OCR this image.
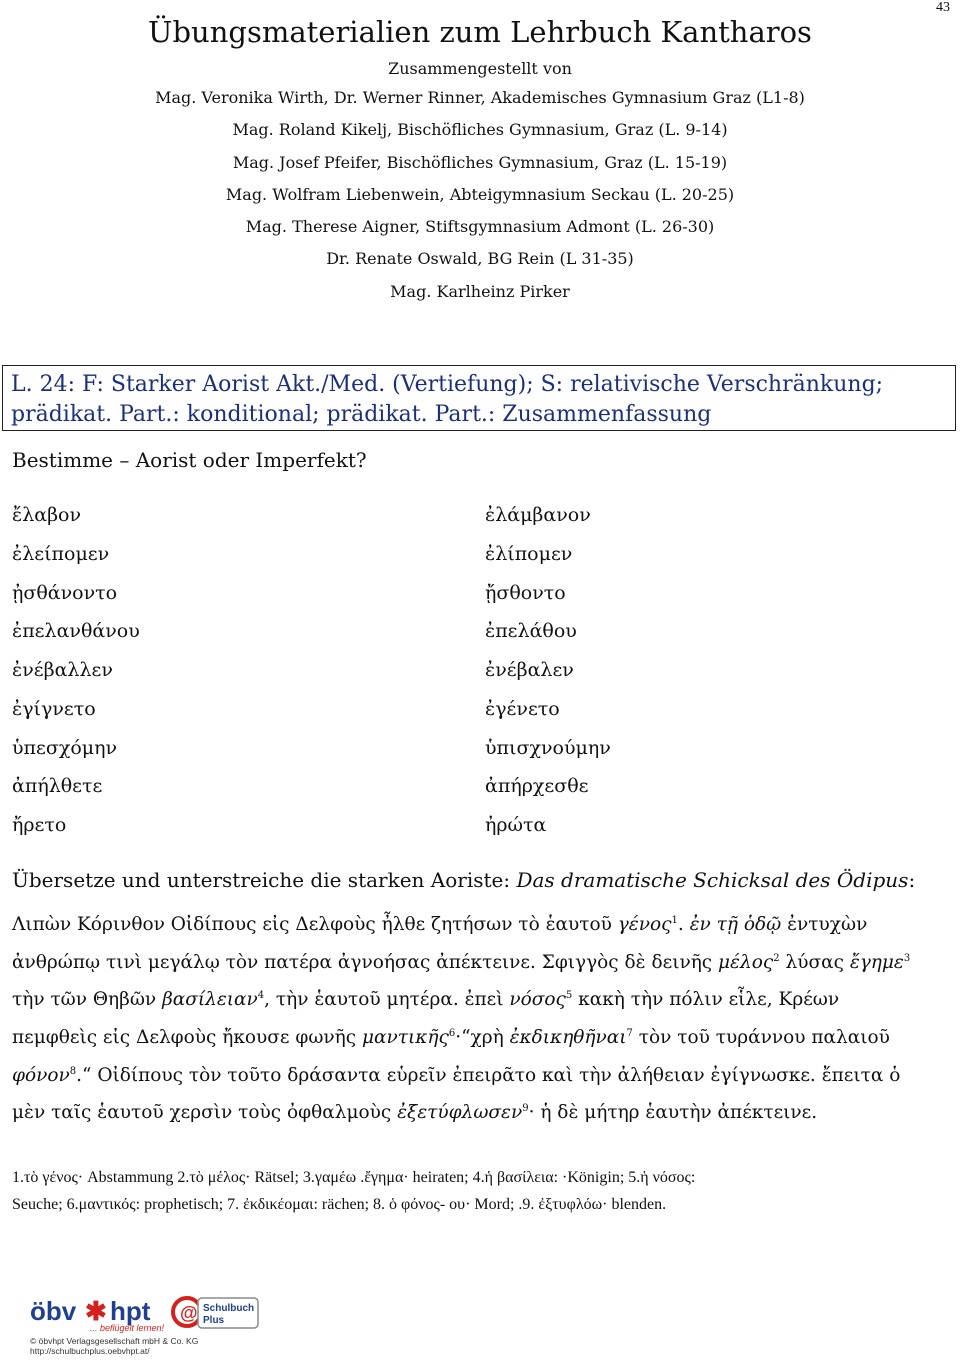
43
Übungsmaterialien zum Lehrbuch Kantharos
Zusammengestellt von
Mag. Veronika Wirth, Dr. Werner Rinner, Akademisches Gymnasium Graz (L1-8)
Mag. Roland Kikelj, Bischöfliches Gymnasium, Graz (L. 9-14)
Mag. Josef Pfeifer, Bischöfliches Gymnasium, Graz (L. 15-19)
Mag. Wolfram Liebenwein, Abteigymnasium Seckau (L. 20-25)
Mag. Therese Aigner, Stiftsgymnasium Admont (L. 26-30)
Dr. Renate Oswald, BG Rein (L 31-35)
Mag. Karlheinz Pirker
L. 24: F: Starker Aorist Akt./Med. (Vertiefung); S: relativische Verschränkung;
prädikat. Part.: konditional; prädikat. Part.: Zusammenfassung
Bestimme – Aorist oder Imperfekt?
ἔλαβον
ἐλείπομεν
ᾐσθάνοντο
ἐπελανθάνου
ἐνέβαλλεν
ἐγίγνετο
ὑπεσχόμην
ἀπήλθετε
ἤρετο
ἐλάμβανον
ἐλίπομεν
ᾔσθοντο
ἐπελάθου
ἐνέβαλεν
ἐγένετο
ὑπισχνούμην
ἀπήρχεσθε
ἠρώτα
Übersetze und unterstreiche die starken Aoriste: Das dramatische Schicksal des Ödipus:
Λιπὼν Κόρινθον Οἰδίπους εἰς Δελφοὺς ἦλθε ζητήσων τὸ ἑαυτοῦ γένος$^1$. ἐν τῇ ὁδῷ ἐντυχὼν
ἀνθρώπῳ τινὶ μεγάλῳ τὸν πατέρα ἀγνοήσας ἀπέκτεινε. Σφιγγὸς δὲ δεινῆς μέλος$^2$ λύσας ἔγημε$^3$
τὴν τῶν Θηβῶν βασίλειαν$^4$, τὴν ἑαυτοῦ μητέρα. ἐπεὶ νόσος$^5$ κακὴ τὴν πόλιν εἷλε, Κρέων
πεμφθεὶς εἰς Δελφοὺς ἤκουσε φωνῆς μαντικῆς$^6$·“χρὴ ἐκδικηθῆναι$^7$ τὸν τοῦ τυράννου παλαιοῦ
φόνον$^8$.“ Οἰδίπους τὸν τοῦτο δράσαντα εὑρεῖν ἐπειρᾶτο καὶ τὴν ἀλήθειαν ἐγίγνωσκε. ἔπειτα ὁ
μὲν ταῖς ἑαυτοῦ χερσὶν τοὺς ὀφθαλμοὺς ἐξετύφλωσεν$^9$· ἡ δὲ μήτηρ ἑαυτὴν ἀπέκτεινε.
1.τὸ γένος· Abstammung 2.τὸ μέλος· Rätsel; 3.γαμέω .ἔγημα· heiraten; 4.ἡ βασίλεια: ·Königin; 5.ἡ νόσος:
Seuche; 6.μαντικός: prophetisch; 7. ἐκδικέομαι: rächen; 8. ὁ φόνος- ου· Mord; .9. ἐξτυφλόω· blenden.
öbv ✱ hpt
... beflügelt lernen!
© öbvhpt Verlagsgesellschaft mbH & Co. KG
http://schulbuchplus.oebvhpt.at/
@ Schulbuch
Plus
